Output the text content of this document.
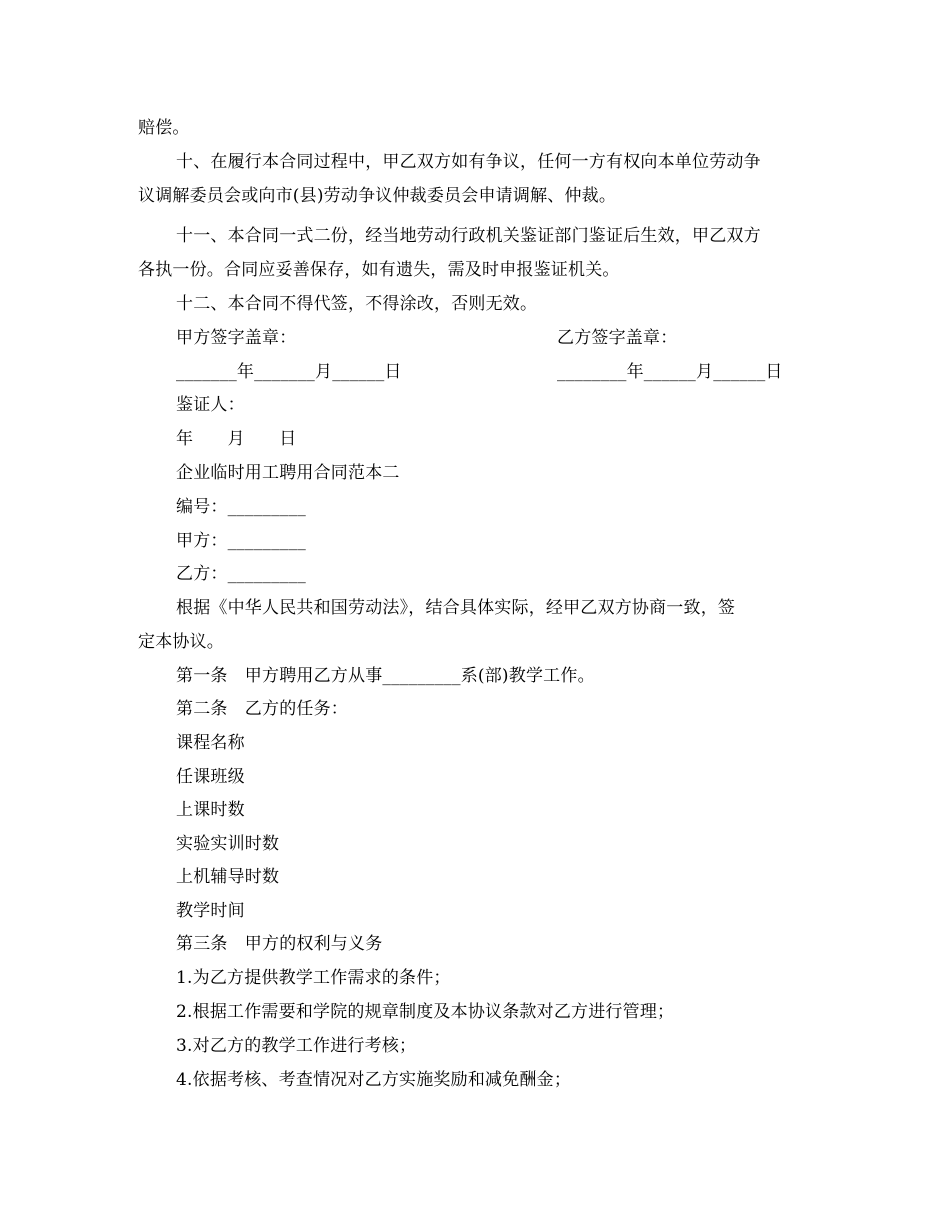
赔偿。
十、在履行本合同过程中，甲乙双方如有争议，任何一方有权向本单位劳动争
议调解委员会或向市(县)劳动争议仲裁委员会申请调解、仲裁。
十一、本合同一式二份，经当地劳动行政机关鉴证部门鉴证后生效，甲乙双方
各执一份。合同应妥善保存，如有遗失，需及时申报鉴证机关。
十二、本合同不得代签，不得涂改，否则无效。
甲方签字盖章：	乙方签字盖章：
_______年_______月______日	________年______月______日
鉴证人：
年　　月　　日
企业临时用工聘用合同范本二
编号：_________
甲方：_________
乙方：_________
根据《中华人民共和国劳动法》，结合具体实际，经甲乙双方协商一致，签
定本协议。
第一条　甲方聘用乙方从事_________系(部)教学工作。
第二条　乙方的任务：
课程名称
任课班级
上课时数
实验实训时数
上机辅导时数
教学时间
第三条　甲方的权利与义务
1.为乙方提供教学工作需求的条件；
2.根据工作需要和学院的规章制度及本协议条款对乙方进行管理；
3.对乙方的教学工作进行考核；
4.依据考核、考查情况对乙方实施奖励和减免酬金；
